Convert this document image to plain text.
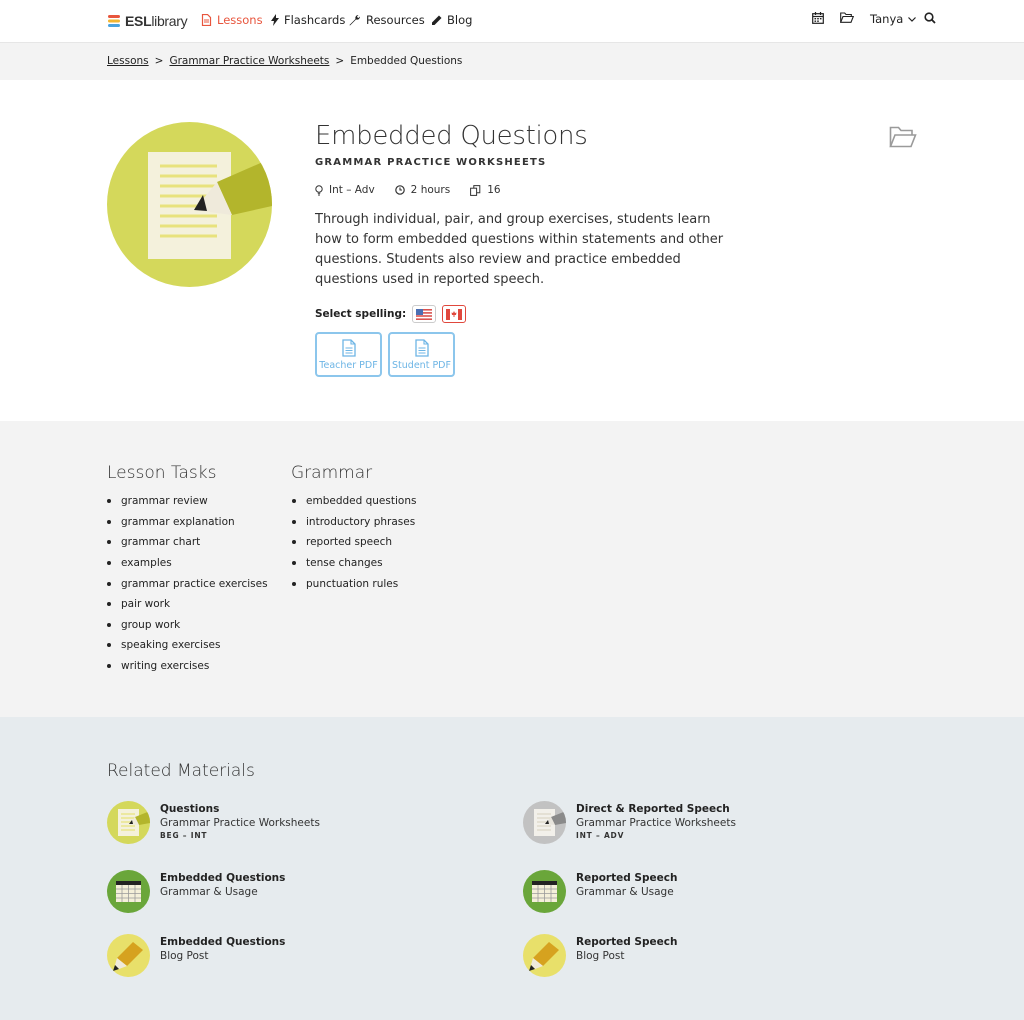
ESLlibrary	Lessons Flashcards Resources Blog	Tanya
Lessons > Grammar Practice Worksheets > Embedded Questions
Embedded Questions
GRAMMAR PRACTICE WORKSHEETS
Int – Adv	2 hours	16
Through individual, pair, and group exercises, students learn how to form embedded questions within statements and other questions. Students also review and practice embedded questions used in reported speech.
Select spelling:
Teacher PDF Student PDF
Lesson Tasks
grammar review
grammar explanation
grammar chart
examples
grammar practice exercises
pair work
group work
speaking exercises
writing exercises
Grammar
embedded questions
introductory phrases
reported speech
tense changes
punctuation rules
Related Materials
Questions
Grammar Practice Worksheets
BEG – INT
Direct & Reported Speech
Grammar Practice Worksheets
INT – ADV
Embedded Questions
Grammar & Usage
Reported Speech
Grammar & Usage
Embedded Questions
Blog Post
Reported Speech
Blog Post
